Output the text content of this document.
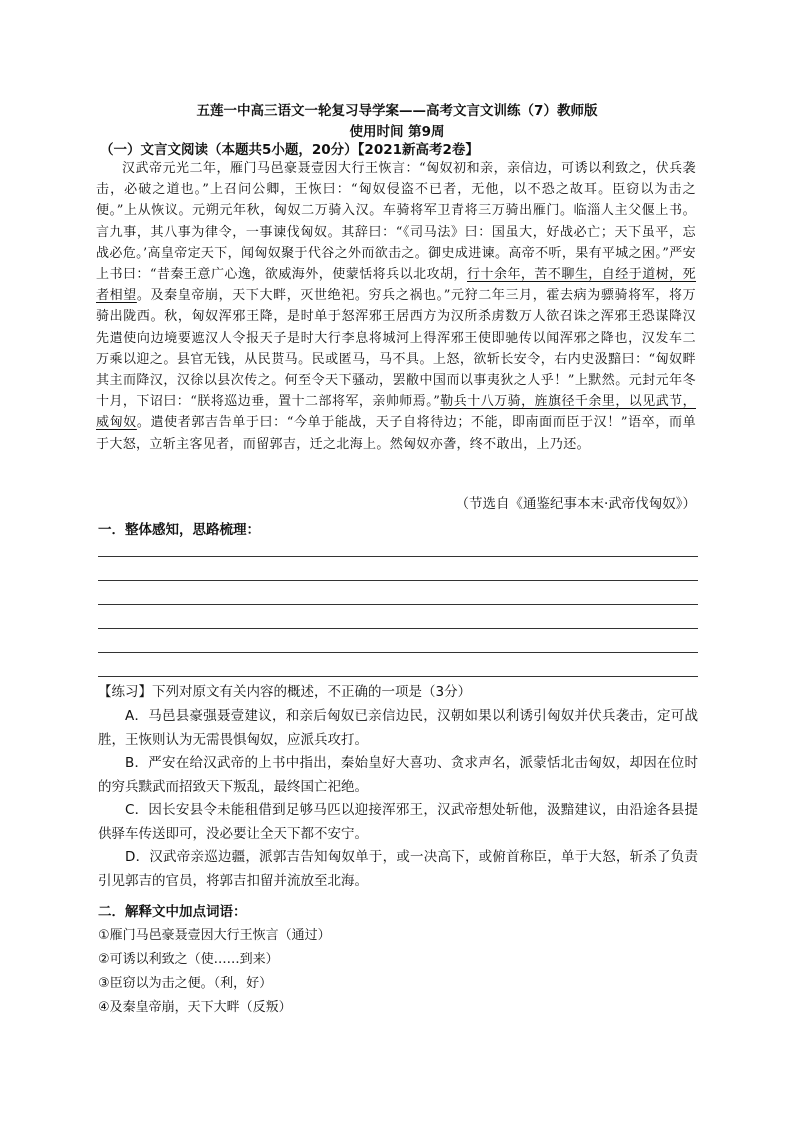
五莲一中高三语文一轮复习导学案——高考文言文训练（7）教师版
使用时间 第9周
（一）文言文阅读（本题共5小题，20分）【2021新高考2卷】
汉武帝元光二年，雁门马邑豪聂壹因大行王恢言：“匈奴初和亲，亲信边，可诱以利致之，伏兵袭击，必破之道也。”上召问公卿，王恢曰：“匈奴侵盗不已者，无他，以不恐之故耳。臣窃以为击之便。”上从恢议。元朔元年秋，匈奴二万骑入汉。车骑将军卫青将三万骑出雁门。临淄人主父偃上书。言九事，其八事为律令，一事谏伐匈奴。其辞曰：“《司马法》曰：国虽大，好战必亡；天下虽平，忘战必危。’高皇帝定天下，闻匈奴聚于代谷之外而欲击之。御史成进谏。高帝不听，果有平城之困。”严安上书曰：“昔秦王意广心逸，欲威海外，使蒙恬将兵以北攻胡，行十余年，苦不聊生，自经于道树，死者相望。及秦皇帝崩，天下大畔，灭世绝祀。穷兵之祸也。”元狩二年三月，霍去病为骠骑将军，将万骑出陇西。秋，匈奴浑邪王降，是时单于怒浑邪王居西方为汉所杀虏数万人欲召诛之浑邪王恐谋降汉先遣使向边境要遮汉人令报天子是时大行李息将城河上得浑邪王使即驰传以闻浑邪之降也，汉发车二万乘以迎之。县官无钱，从民贳马。民或匿马，马不具。上怒，欲斩长安令，右内史汲黯曰：“匈奴畔其主而降汉，汉徐以县次传之。何至令天下骚动，罢敝中国而以事夷狄之人乎！”上默然。元封元年冬十月，下诏曰：“朕将巡边垂，置十二部将军，亲帅师焉。”勒兵十八万骑，旌旗径千余里，以见武节，威匈奴。遣使者郭吉告单于曰：“今单于能战，天子自将待边；不能，即南面而臣于汉！”语卒，而单于大怒，立斩主客见者，而留郭吉，迁之北海上。然匈奴亦詟，终不敢出，上乃还。
（节选自《通鉴纪事本末·武帝伐匈奴》）
一．整体感知，思路梳理：
【练习】下列对原文有关内容的概述，不正确的一项是（3分）

A．马邑县豪强聂壹建议，和亲后匈奴已亲信边民，汉朝如果以利诱引匈奴并伏兵袭击，定可战胜，王恢则认为无需畏惧匈奴，应派兵攻打。

B．严安在给汉武帝的上书中指出，秦始皇好大喜功、贪求声名，派蒙恬北击匈奴，却因在位时的穷兵黩武而招致天下叛乱，最终国亡祀绝。

C．因长安县令未能租借到足够马匹以迎接浑邪王，汉武帝想处斩他，汲黯建议，由沿途各县提供驿车传送即可，没必要让全天下都不安宁。

D．汉武帝亲巡边疆，派郭吉告知匈奴单于，或一决高下，或俯首称臣，单于大怒，斩杀了负责引见郭吉的官员，将郭吉扣留并流放至北海。

二．解释文中加点词语：
①雁门马邑豪聂壹因大行王恢言（通过）
②可诱以利致之（使……到来）
③臣窃以为击之便。（利，好）
④及秦皇帝崩，天下大畔（反叛）
